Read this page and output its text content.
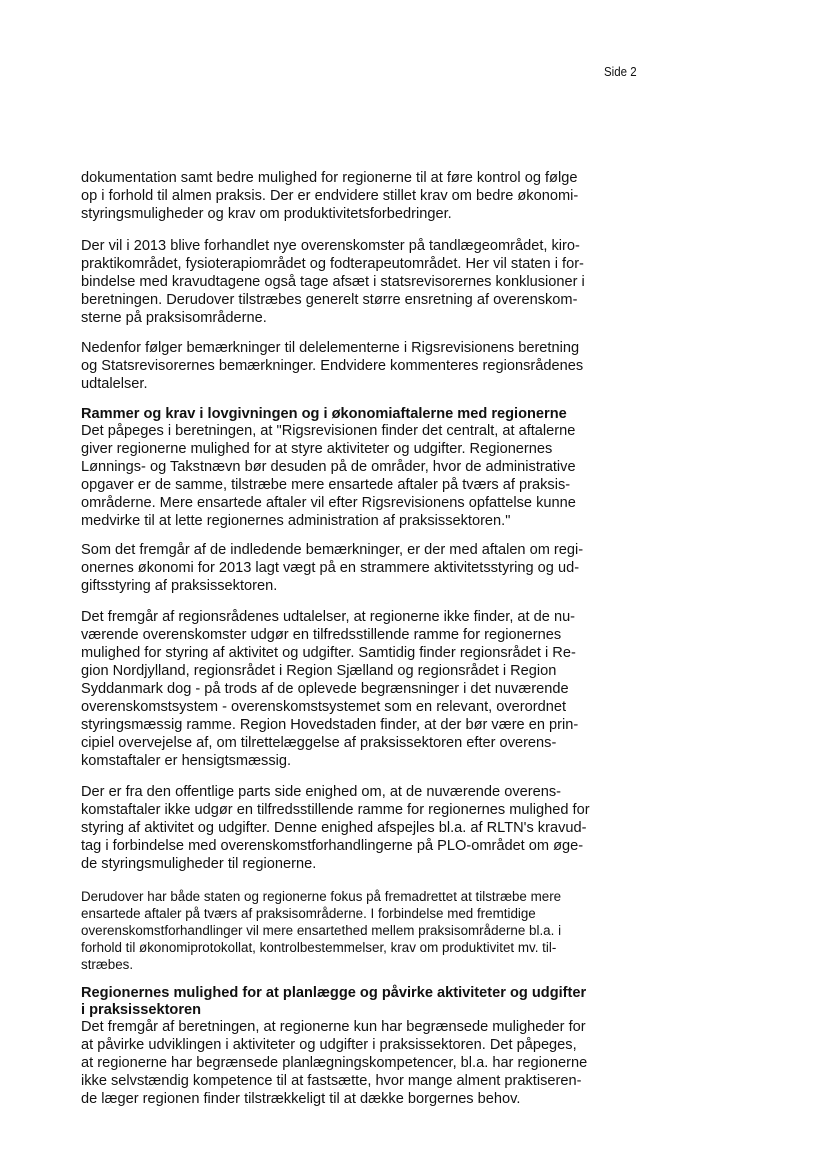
Side 2
dokumentation samt bedre mulighed for regionerne til at føre kontrol og følge
op i forhold til almen praksis. Der er endvidere stillet krav om bedre økonomi-
styringsmuligheder og krav om produktivitetsforbedringer.
Der vil i 2013 blive forhandlet nye overenskomster på tandlægeområdet, kiro-
praktikområdet, fysioterapiområdet og fodterapeutområdet. Her vil staten i for-
bindelse med kravudtagene også tage afsæt i statsrevisorernes konklusioner i
beretningen. Derudover tilstræbes generelt større ensretning af overenskom-
sterne på praksisområderne.
Nedenfor følger bemærkninger til delelementerne i Rigsrevisionens beretning
og Statsrevisorernes bemærkninger. Endvidere kommenteres regionsrådenes
udtalelser.
Rammer og krav i lovgivningen og i økonomiaftalerne med regionerne
Det påpeges i beretningen, at "Rigsrevisionen finder det centralt, at aftalerne
giver regionerne mulighed for at styre aktiviteter og udgifter. Regionernes
Lønnings- og Takstnævn bør desuden på de områder, hvor de administrative
opgaver er de samme, tilstræbe mere ensartede aftaler på tværs af praksis-
områderne. Mere ensartede aftaler vil efter Rigsrevisionens opfattelse kunne
medvirke til at lette regionernes administration af praksissektoren."
Som det fremgår af de indledende bemærkninger, er der med aftalen om regi-
onernes økonomi for 2013 lagt vægt på en strammere aktivitetsstyring og ud-
giftsstyring af praksissektoren.
Det fremgår af regionsrådenes udtalelser, at regionerne ikke finder, at de nu-
værende overenskomster udgør en tilfredsstillende ramme for regionernes
mulighed for styring af aktivitet og udgifter. Samtidig finder regionsrådet i Re-
gion Nordjylland, regionsrådet i Region Sjælland og regionsrådet i Region
Syddanmark dog - på trods af de oplevede begrænsninger i det nuværende
overenskomstsystem - overenskomstsystemet som en relevant, overordnet
styringsmæssig ramme. Region Hovedstaden finder, at der bør være en prin-
cipiel overvejelse af, om tilrettelæggelse af praksissektoren efter overens-
komstaftaler er hensigtsmæssig.
Der er fra den offentlige parts side enighed om, at de nuværende overens-
komstaftaler ikke udgør en tilfredsstillende ramme for regionernes mulighed for
styring af aktivitet og udgifter. Denne enighed afspejles bl.a. af RLTN's kravud-
tag i forbindelse med overenskomstforhandlingerne på PLO-området om øge-
de styringsmuligheder til regionerne.
Derudover har både staten og regionerne fokus på fremadrettet at tilstræbe mere
ensartede aftaler på tværs af praksisområderne. I forbindelse med fremtidige
overenskomstforhandlinger vil mere ensartethed mellem praksisområderne bl.a. i
forhold til økonomiprotokollat, kontrolbestemmelser, krav om produktivitet mv. til-
stræbes.
Regionernes mulighed for at planlægge og påvirke aktiviteter og udgifter
i praksissektoren
Det fremgår af beretningen, at regionerne kun har begrænsede muligheder for
at påvirke udviklingen i aktiviteter og udgifter i praksissektoren. Det påpeges,
at regionerne har begrænsede planlægningskompetencer, bl.a. har regionerne
ikke selvstændig kompetence til at fastsætte, hvor mange alment praktiseren-
de læger regionen finder tilstrækkeligt til at dække borgernes behov.
